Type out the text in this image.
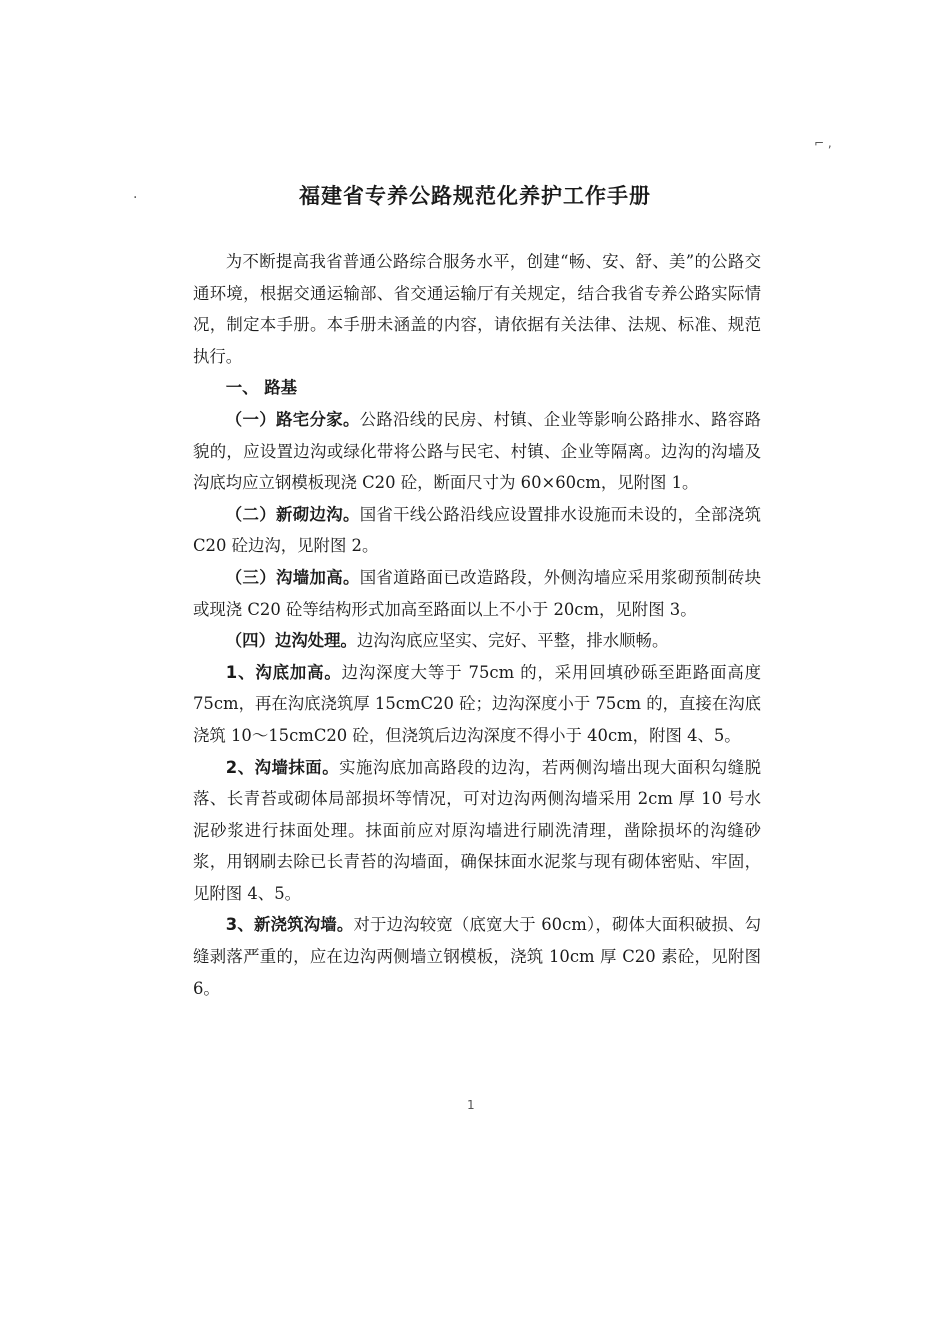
⌐ ,
·	福建省专养公路规范化养护工作手册

为不断提高我省普通公路综合服务水平，创建“畅、安、舒、美”的公路交通环境，根据交通运输部、省交通运输厅有关规定，结合我省专养公路实际情况，制定本手册。本手册未涵盖的内容，请依据有关法律、法规、标准、规范执行。

一、 路基

（一）路宅分家。公路沿线的民房、村镇、企业等影响公路排水、路容路貌的，应设置边沟或绿化带将公路与民宅、村镇、企业等隔离。边沟的沟墙及沟底均应立钢模板现浇 C20 砼，断面尺寸为 60×60cm，见附图 1。

（二）新砌边沟。国省干线公路沿线应设置排水设施而未设的，全部浇筑 C20 砼边沟，见附图 2。

（三）沟墙加高。国省道路面已改造路段，外侧沟墙应采用浆砌预制砖块或现浇 C20 砼等结构形式加高至路面以上不小于 20cm，见附图 3。

（四）边沟处理。边沟沟底应坚实、完好、平整，排水顺畅。

1、沟底加高。边沟深度大等于 75cm 的，采用回填砂砾至距路面高度 75cm，再在沟底浇筑厚 15cmC20 砼；边沟深度小于 75cm 的，直接在沟底浇筑 10～15cmC20 砼，但浇筑后边沟深度不得小于 40cm，附图 4、5。

2、沟墙抹面。实施沟底加高路段的边沟，若两侧沟墙出现大面积勾缝脱落、长青苔或砌体局部损坏等情况，可对边沟两侧沟墙采用 2cm 厚 10 号水泥砂浆进行抹面处理。抹面前应对原沟墙进行刷洗清理，凿除损坏的沟缝砂浆，用钢刷去除已长青苔的沟墙面，确保抹面水泥浆与现有砌体密贴、牢固，见附图 4、5。

3、新浇筑沟墙。对于边沟较宽（底宽大于 60cm），砌体大面积破损、勾缝剥落严重的，应在边沟两侧墙立钢模板，浇筑 10cm 厚 C20 素砼，见附图 6。

1
